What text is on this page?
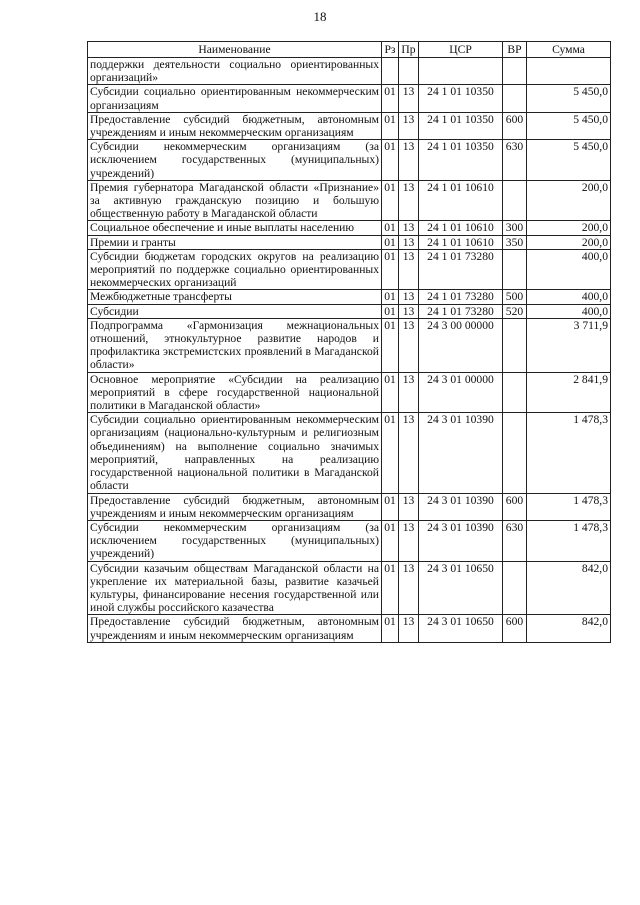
18
Наименование	Рз	Пр	ЦСР	ВР	Сумма
поддержки деятельности социально ориентированных организаций»					
Субсидии социально ориентированным некоммерческим организациям	01	13	24 1 01 10350		5 450,0
Предоставление субсидий бюджетным, автономным учреждениям и иным некоммерческим организациям	01	13	24 1 01 10350	600	5 450,0
Субсидии некоммерческим организациям (за исключением государственных (муниципальных) учреждений)	01	13	24 1 01 10350	630	5 450,0
Премия губернатора Магаданской области «Признание» за активную гражданскую позицию и большую общественную работу в Магаданской области	01	13	24 1 01 10610		200,0
Социальное обеспечение и иные выплаты населению	01	13	24 1 01 10610	300	200,0
Премии и гранты	01	13	24 1 01 10610	350	200,0
Субсидии бюджетам городских округов на реализацию мероприятий по поддержке социально ориентированных некоммерческих организаций	01	13	24 1 01 73280		400,0
Межбюджетные трансферты	01	13	24 1 01 73280	500	400,0
Субсидии	01	13	24 1 01 73280	520	400,0
Подпрограмма «Гармонизация межнациональных отношений, этнокультурное развитие народов и профилактика экстремистских проявлений в Магаданской области»	01	13	24 3 00 00000		3 711,9
Основное мероприятие «Субсидии на реализацию мероприятий в сфере государственной национальной политики в Магаданской области»	01	13	24 3 01 00000		2 841,9
Субсидии социально ориентированным некоммерческим организациям (национально-культурным и религиозным объединениям) на выполнение социально значимых мероприятий, направленных на реализацию государственной национальной политики в Магаданской области	01	13	24 3 01 10390		1 478,3
Предоставление субсидий бюджетным, автономным учреждениям и иным некоммерческим организациям	01	13	24 3 01 10390	600	1 478,3
Субсидии некоммерческим организациям (за исключением государственных (муниципальных) учреждений)	01	13	24 3 01 10390	630	1 478,3
Субсидии казачьим обществам Магаданской области на укрепление их материальной базы, развитие казачьей культуры, финансирование несения государственной или иной службы российского казачества	01	13	24 3 01 10650		842,0
Предоставление субсидий бюджетным, автономным учреждениям и иным некоммерческим организациям	01	13	24 3 01 10650	600	842,0
